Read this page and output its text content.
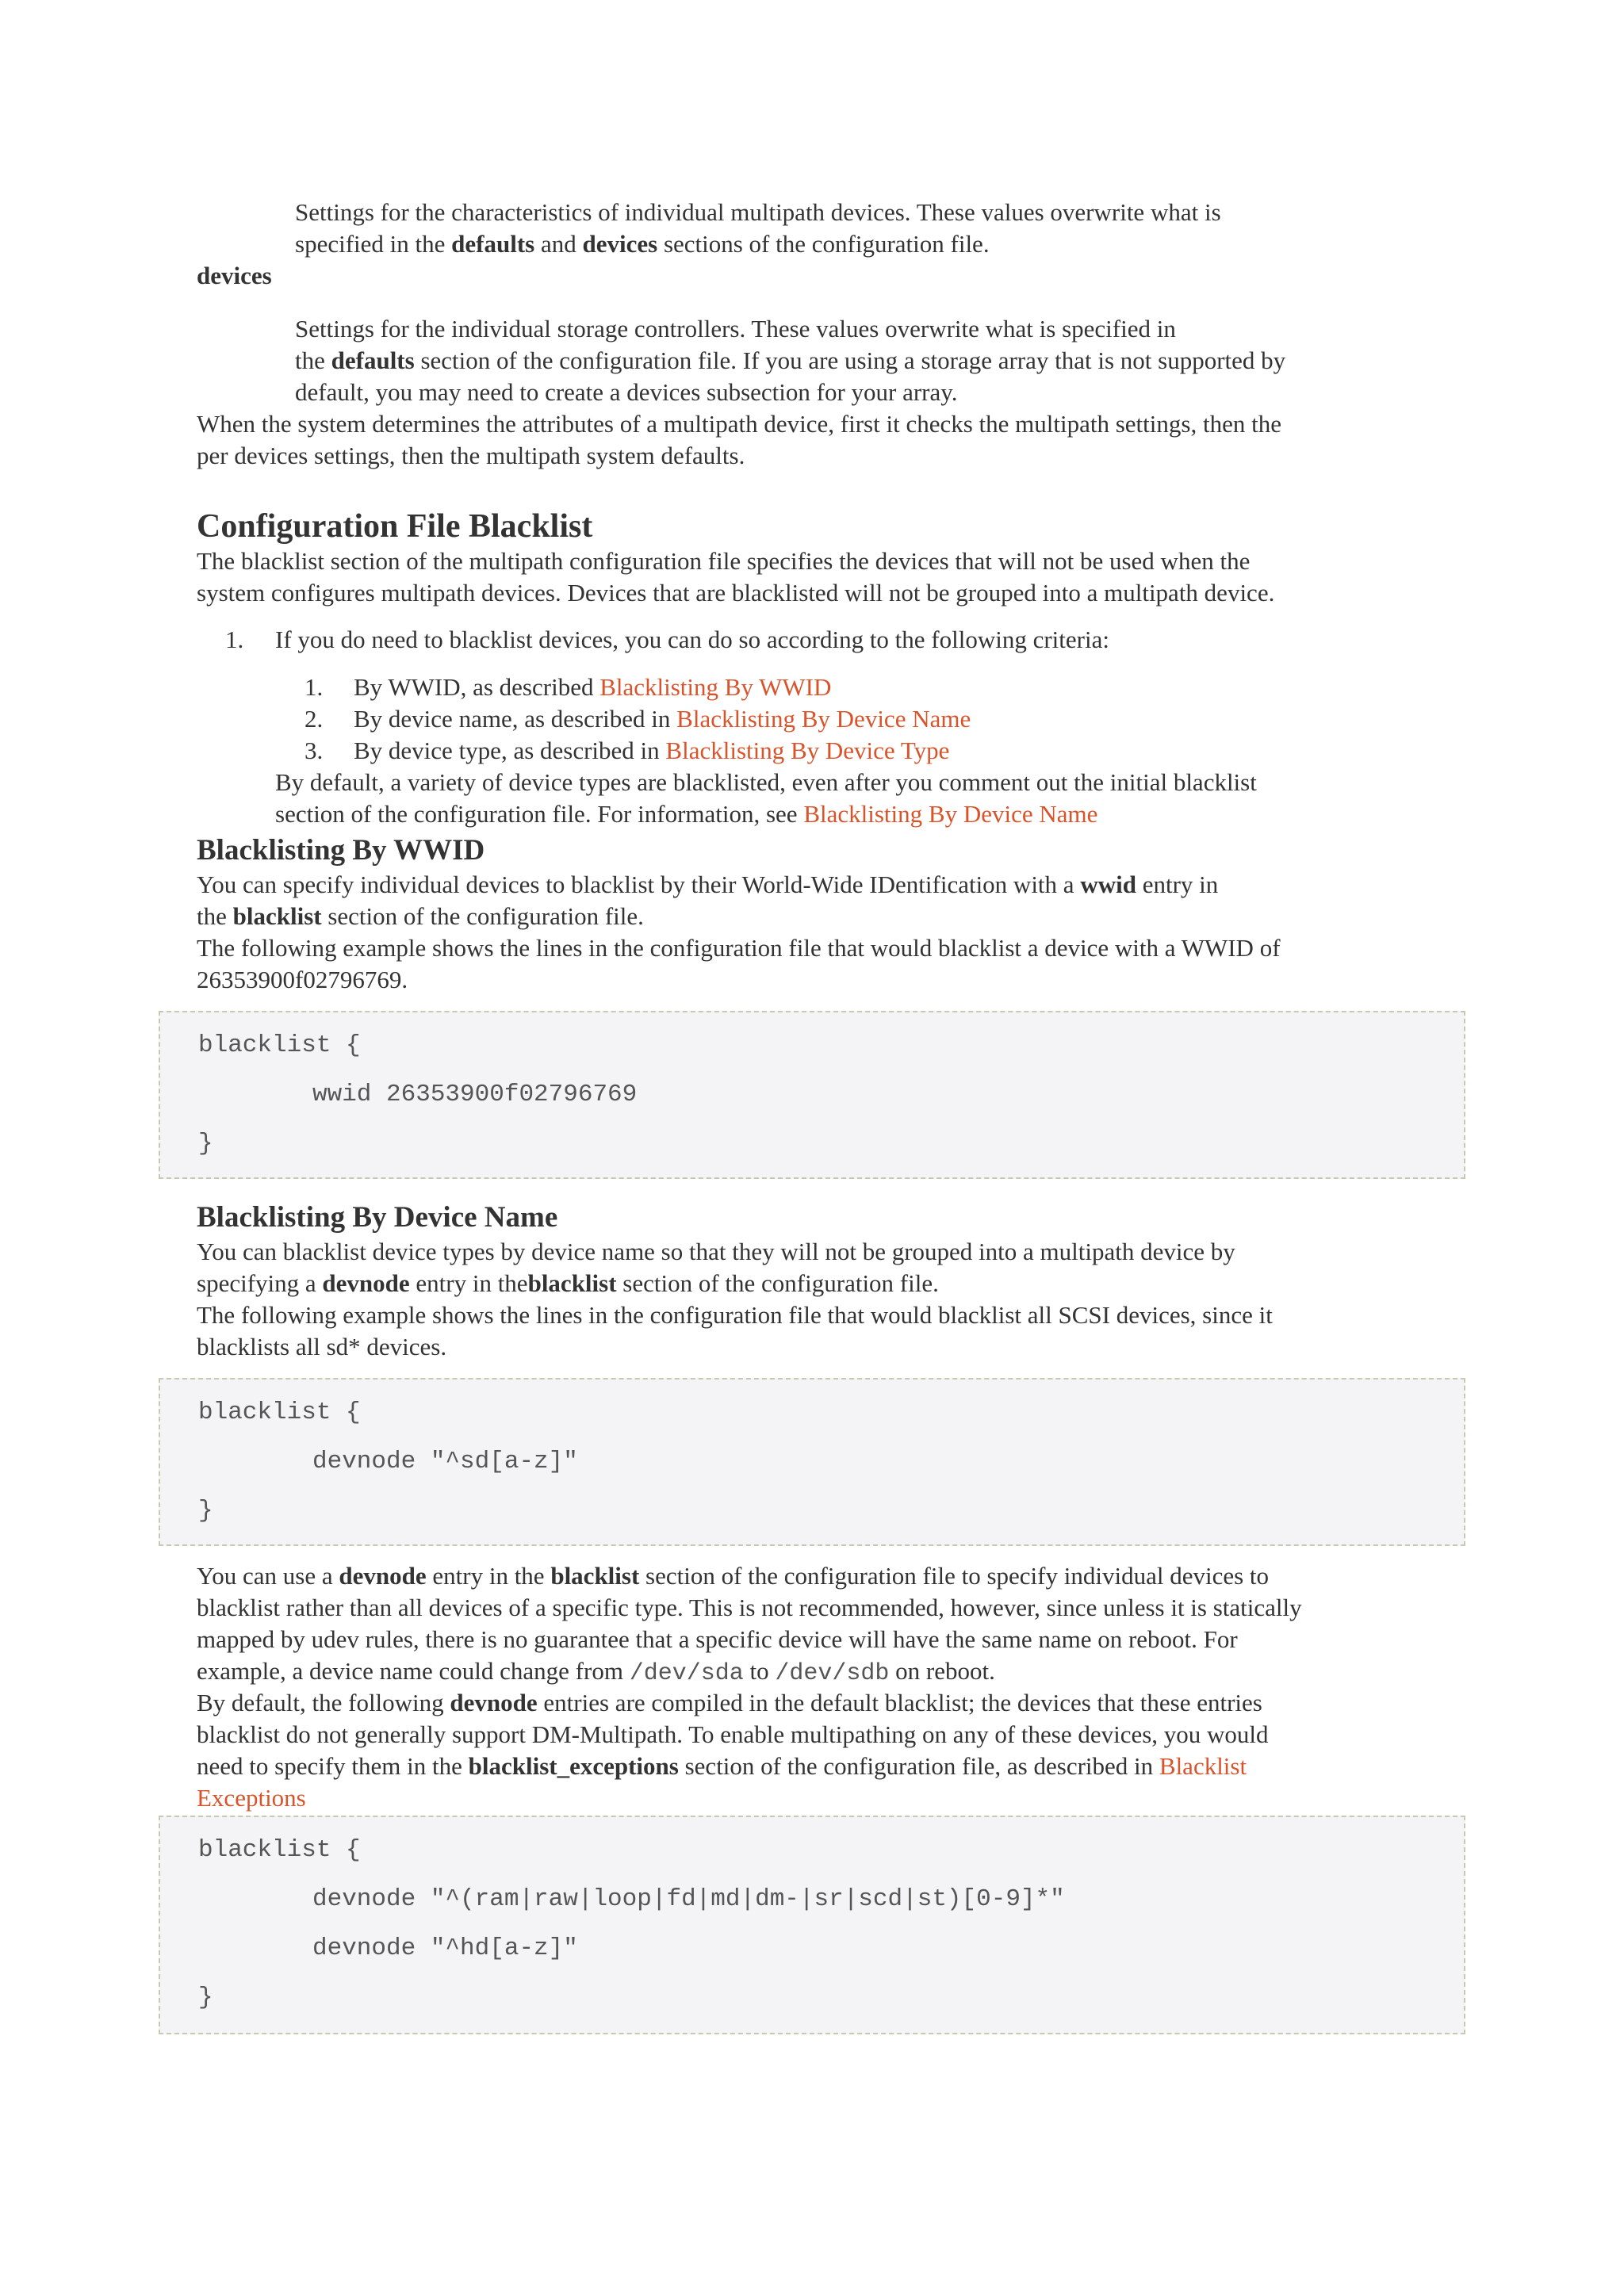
Settings for the characteristics of individual multipath devices. These values overwrite what is
specified in the defaults and devices sections of the configuration file.

devices

Settings for the individual storage controllers. These values overwrite what is specified in
the defaults section of the configuration file. If you are using a storage array that is not supported by
default, you may need to create a devices subsection for your array.

When the system determines the attributes of a multipath device, first it checks the multipath settings, then the
per devices settings, then the multipath system defaults.

Configuration File Blacklist

The blacklist section of the multipath configuration file specifies the devices that will not be used when the
system configures multipath devices. Devices that are blacklisted will not be grouped into a multipath device.

1. If you do need to blacklist devices, you can do so according to the following criteria:

1. By WWID, as described Blacklisting By WWID

2. By device name, as described in Blacklisting By Device Name

3. By device type, as described in Blacklisting By Device Type

By default, a variety of device types are blacklisted, even after you comment out the initial blacklist
section of the configuration file. For information, see Blacklisting By Device Name

Blacklisting By WWID

You can specify individual devices to blacklist by their World-Wide IDentification with a wwid entry in
the blacklist section of the configuration file.
The following example shows the lines in the configuration file that would blacklist a device with a WWID of
26353900f02796769.

blacklist {

wwid 26353900f02796769

}

Blacklisting By Device Name

You can blacklist device types by device name so that they will not be grouped into a multipath device by
specifying a devnode entry in theblacklist section of the configuration file.
The following example shows the lines in the configuration file that would blacklist all SCSI devices, since it
blacklists all sd* devices.

blacklist {

devnode "^sd[a-z]"

}

You can use a devnode entry in the blacklist section of the configuration file to specify individual devices to
blacklist rather than all devices of a specific type. This is not recommended, however, since unless it is statically
mapped by udev rules, there is no guarantee that a specific device will have the same name on reboot. For
example, a device name could change from /dev/sda to /dev/sdb on reboot.

By default, the following devnode entries are compiled in the default blacklist; the devices that these entries
blacklist do not generally support DM-Multipath. To enable multipathing on any of these devices, you would
need to specify them in the blacklist_exceptions section of the configuration file, as described in Blacklist
Exceptions

blacklist {

devnode "^(ram|raw|loop|fd|md|dm-|sr|scd|st)[0-9]*"

devnode "^hd[a-z]"

}
